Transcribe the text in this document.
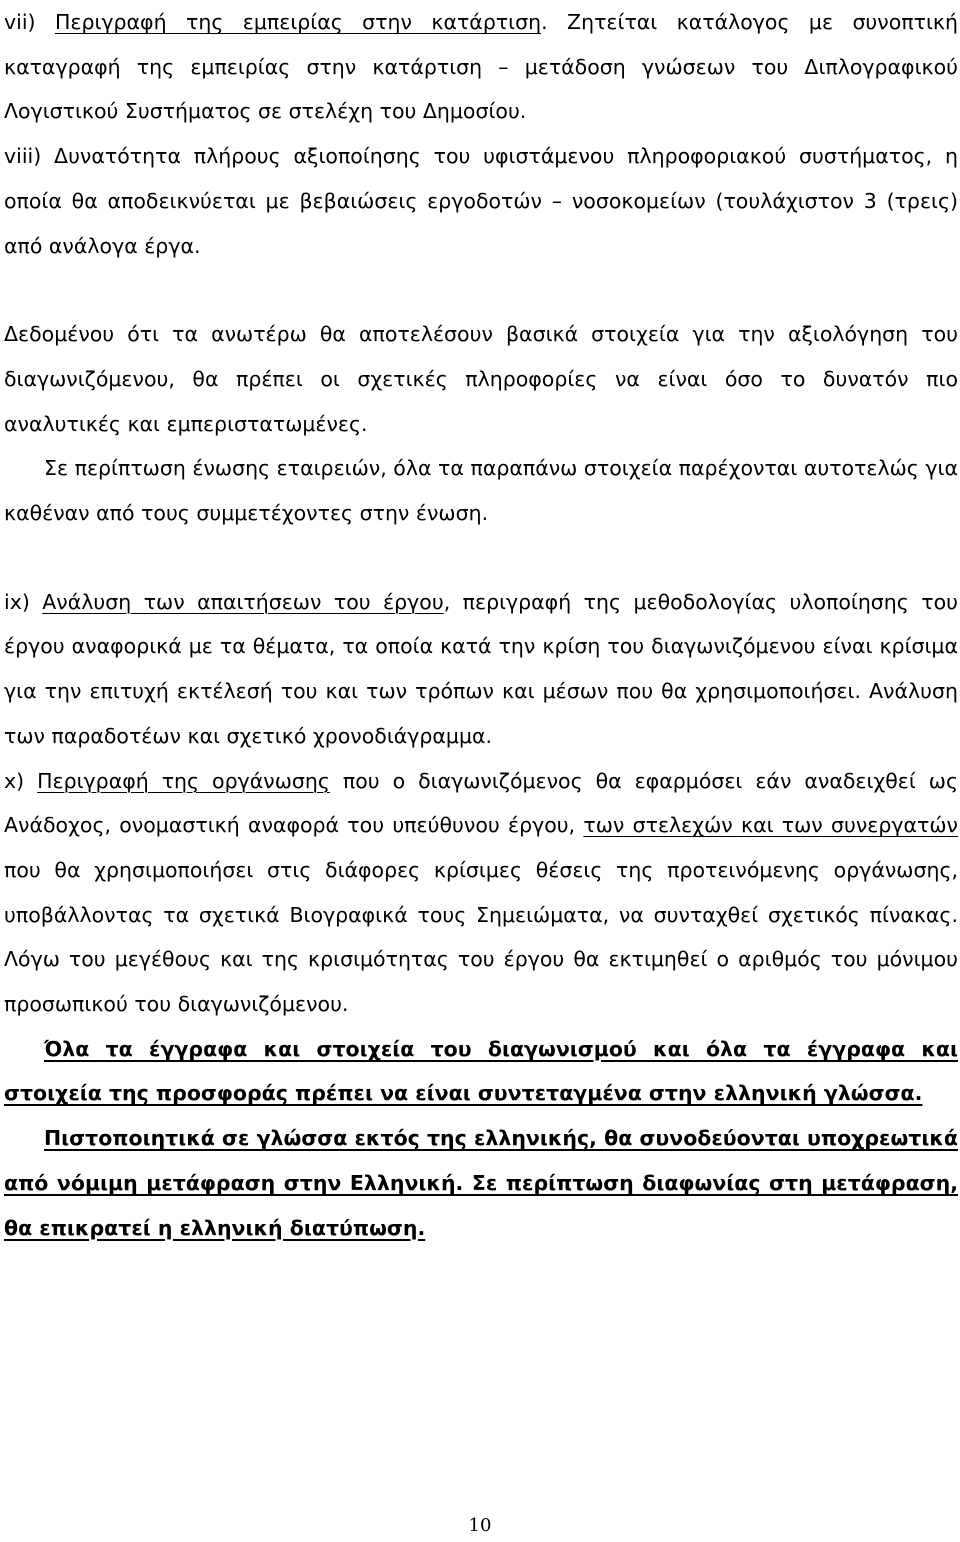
vii) Περιγραφή της εμπειρίας στην κατάρτιση. Ζητείται κατάλογος με συνοπτική καταγραφή της εμπειρίας στην κατάρτιση – μετάδοση γνώσεων του Διπλογραφικού Λογιστικού Συστήματος σε στελέχη του Δημοσίου.

viii) Δυνατότητα πλήρους αξιοποίησης του υφιστάμενου πληροφοριακού συστήματος, η οποία θα αποδεικνύεται με βεβαιώσεις εργοδοτών – νοσοκομείων (τουλάχιστον 3 (τρεις) από ανάλογα έργα.

Δεδομένου ότι τα ανωτέρω θα αποτελέσουν βασικά στοιχεία για την αξιολόγηση του διαγωνιζόμενου, θα πρέπει οι σχετικές πληροφορίες να είναι όσο το δυνατόν πιο αναλυτικές και εμπεριστατωμένες.

Σε περίπτωση ένωσης εταιρειών, όλα τα παραπάνω στοιχεία παρέχονται αυτοτελώς για καθέναν από τους συμμετέχοντες στην ένωση.

ix) Ανάλυση των απαιτήσεων του έργου, περιγραφή της μεθοδολογίας υλοποίησης του έργου αναφορικά με τα θέματα, τα οποία κατά την κρίση του διαγωνιζόμενου είναι κρίσιμα για την επιτυχή εκτέλεσή του και των τρόπων και μέσων που θα χρησιμοποιήσει. Ανάλυση των παραδοτέων και σχετικό χρονοδιάγραμμα.

x) Περιγραφή της οργάνωσης που ο διαγωνιζόμενος θα εφαρμόσει εάν αναδειχθεί ως Ανάδοχος, ονομαστική αναφορά του υπεύθυνου έργου, των στελεχών και των συνεργατών που θα χρησιμοποιήσει στις διάφορες κρίσιμες θέσεις της προτεινόμενης οργάνωσης, υποβάλλοντας τα σχετικά Βιογραφικά τους Σημειώματα, να συνταχθεί σχετικός πίνακας. Λόγω του μεγέθους και της κρισιμότητας του έργου θα εκτιμηθεί ο αριθμός του μόνιμου προσωπικού του διαγωνιζόμενου.

Όλα τα έγγραφα και στοιχεία του διαγωνισμού και όλα τα έγγραφα και στοιχεία της προσφοράς πρέπει να είναι συντεταγμένα στην ελληνική γλώσσα.

Πιστοποιητικά σε γλώσσα εκτός της ελληνικής, θα συνοδεύονται υποχρεωτικά από νόμιμη μετάφραση στην Ελληνική. Σε περίπτωση διαφωνίας στη μετάφραση, θα επικρατεί η ελληνική διατύπωση.

10
